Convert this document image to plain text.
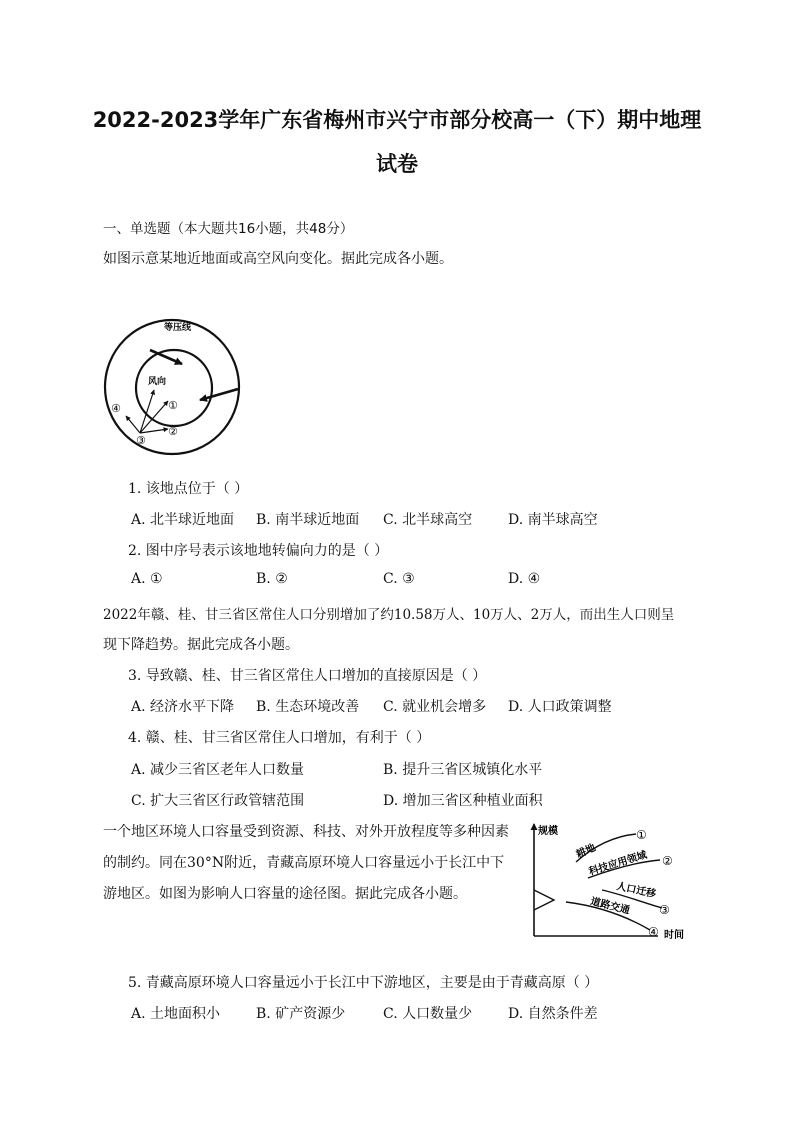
2022-2023学年广东省梅州市兴宁市部分校高一（下）期中地理
试卷
一、单选题（本大题共16小题，共48分）
如图示意某地近地面或高空风向变化。据此完成各小题。
等压线
风向
①
②
③
④
1. 该地点位于（ ）
A. 北半球近地面 B. 南半球近地面 C. 北半球高空	D. 南半球高空
2. 图中序号表示该地地转偏向力的是（ ）
A. ①	B. ②	C. ③	D. ④
2022年赣、桂、甘三省区常住人口分别增加了约10.58万人、10万人、2万人，而出生人口则呈
现下降趋势。据此完成各小题。
3. 导致赣、桂、甘三省区常住人口增加的直接原因是（ ）
A. 经济水平下降 B. 生态环境改善 C. 就业机会增多 D. 人口政策调整
4. 赣、桂、甘三省区常住人口增加，有利于（ ）
A. 减少三省区老年人口数量	B. 提升三省区城镇化水平
C. 扩大三省区行政管辖范围	D. 增加三省区种植业面积
一个地区环境人口容量受到资源、科技、对外开放程度等多种因素
的制约。同在30°N附近，青藏高原环境人口容量远小于长江中下
游地区。如图为影响人口容量的途径图。据此完成各小题。
规模
时间
耕地
科技应用领域
人口迁移
道路交通
①
②
③
④
5. 青藏高原环境人口容量远小于长江中下游地区，主要是由于青藏高原（ ）
A. 土地面积小	B. 矿产资源少	C. 人口数量少	D. 自然条件差
